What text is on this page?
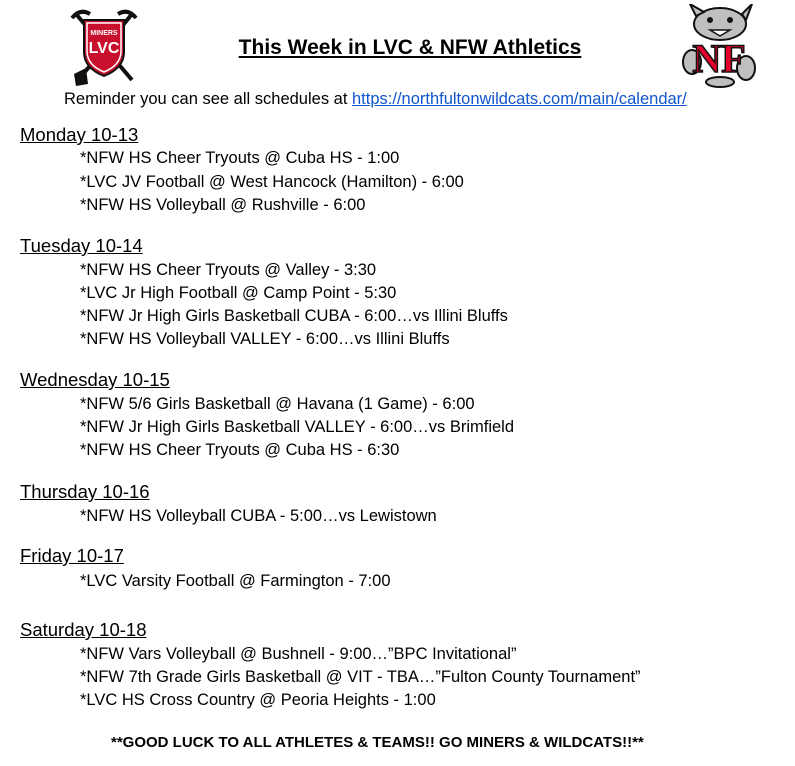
MINERS
LVC	NF
This Week in LVC & NFW Athletics
Reminder you can see all schedules at https://northfultonwildcats.com/main/calendar/
Monday 10-13
*NFW HS Cheer Tryouts @ Cuba HS - 1:00
*LVC JV Football @ West Hancock (Hamilton) - 6:00
*NFW HS Volleyball @ Rushville - 6:00
Tuesday 10-14
*NFW HS Cheer Tryouts @ Valley - 3:30
*LVC Jr High Football @ Camp Point - 5:30
*NFW Jr High Girls Basketball CUBA - 6:00…vs Illini Bluffs
*NFW HS Volleyball VALLEY - 6:00…vs Illini Bluffs
Wednesday 10-15
*NFW 5/6 Girls Basketball @ Havana (1 Game) - 6:00
*NFW Jr High Girls Basketball VALLEY - 6:00…vs Brimfield
*NFW HS Cheer Tryouts @ Cuba HS - 6:30
Thursday 10-16
*NFW HS Volleyball CUBA - 5:00…vs Lewistown
Friday 10-17
*LVC Varsity Football @ Farmington - 7:00
Saturday 10-18
*NFW Vars Volleyball @ Bushnell - 9:00…”BPC Invitational”
*NFW 7th Grade Girls Basketball @ VIT - TBA…”Fulton County Tournament”
*LVC HS Cross Country @ Peoria Heights - 1:00
**GOOD LUCK TO ALL ATHLETES & TEAMS!! GO MINERS & WILDCATS!!**
